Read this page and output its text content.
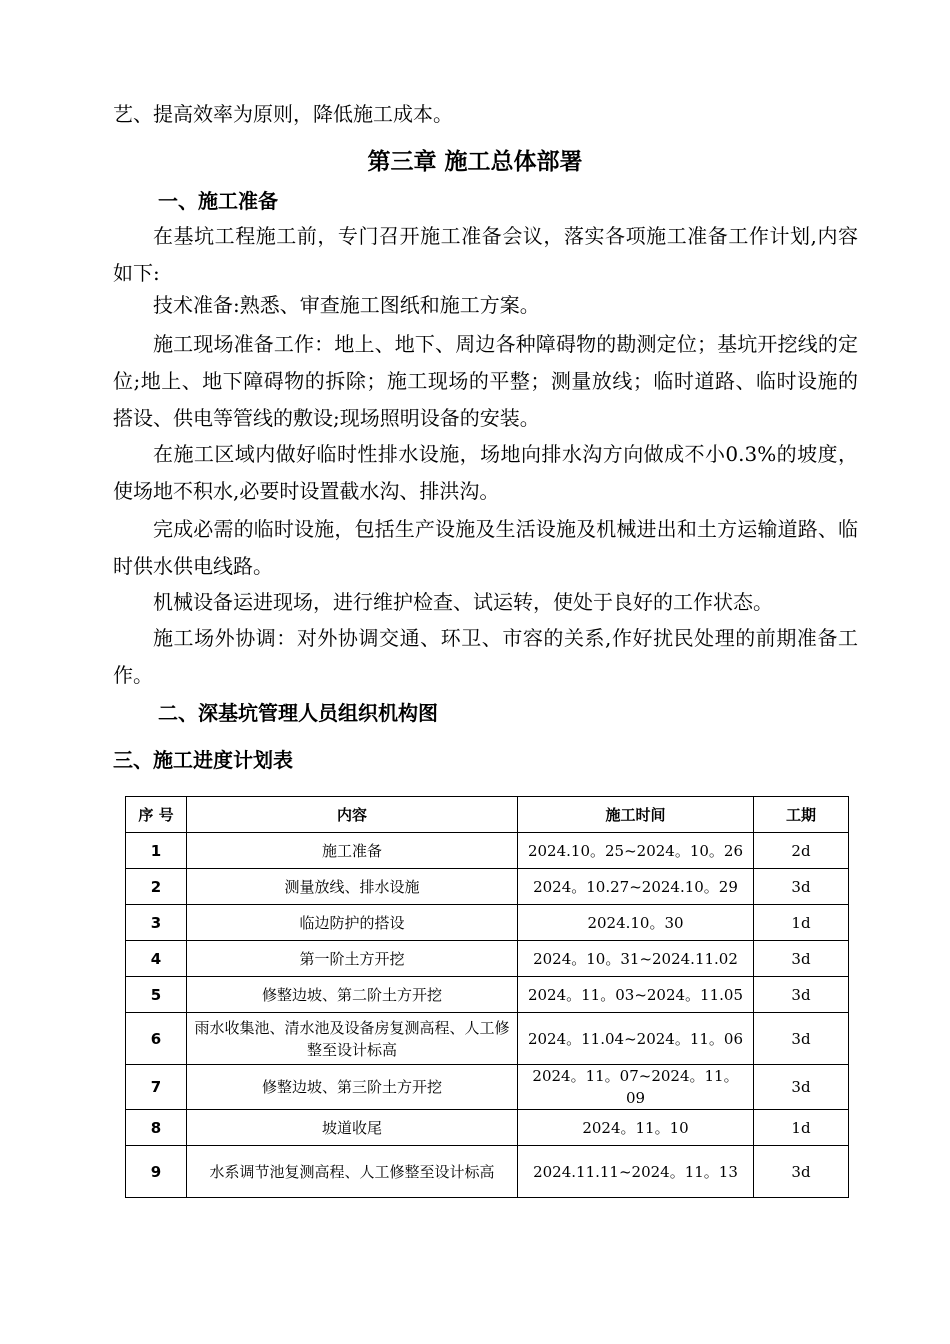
艺、提高效率为原则，降低施工成本。

第三章 施工总体部署
一、施工准备

在基坑工程施工前，专门召开施工准备会议，落实各项施工准备工作计划,内容如下:

技术准备:熟悉、审查施工图纸和施工方案。

施工现场准备工作：地上、地下、周边各种障碍物的勘测定位；基坑开挖线的定位;地上、地下障碍物的拆除；施工现场的平整；测量放线；临时道路、临时设施的搭设、供电等管线的敷设;现场照明设备的安装。

在施工区域内做好临时性排水设施，场地向排水沟方向做成不小0.3%的坡度，使场地不积水,必要时设置截水沟、排洪沟。

完成必需的临时设施，包括生产设施及生活设施及机械进出和土方运输道路、临时供水供电线路。

机械设备运进现场，进行维护检查、试运转，使处于良好的工作状态。

施工场外协调：对外协调交通、环卫、市容的关系,作好扰民处理的前期准备工作。

二、深基坑管理人员组织机构图
三、施工进度计划表
序 号	内容	施工时间	工期
1	施工准备	2024.10。25~2024。10。26	2d
2	测量放线、排水设施	2024。10.27~2024.10。29	3d
3	临边防护的搭设	2024.10。30	1d
4	第一阶土方开挖	2024。10。31~2024.11.02	3d
5	修整边坡、第二阶土方开挖	2024。11。03~2024。11.05	3d
6	雨水收集池、清水池及设备房复测高程、人工修整至设计标高	2024。11.04~2024。11。06	3d
7	修整边坡、第三阶土方开挖	2024。11。07~2024。11。09	3d
8	坡道收尾	2024。11。10	1d
9	水系调节池复测高程、人工修整至设计标高	2024.11.11~2024。11。13	3d
